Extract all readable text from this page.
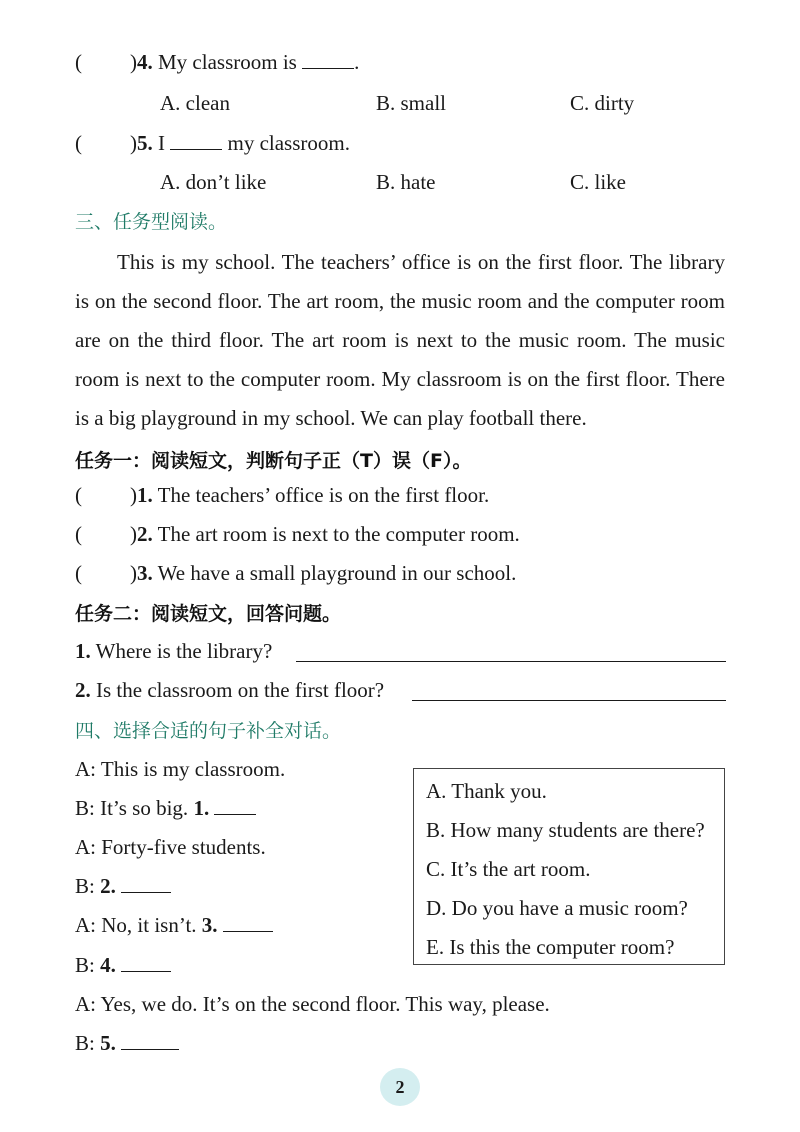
( )4. My classroom is	.
A. clean	B. small	C. dirty
( )5. I	my classroom.
A. don’t like	B. hate	C. like
三、任务型阅读。
This is my school. The teachers’ office is on the first floor. The library is on the second floor. The art room, the music room and the computer room are on the third floor. The art room is next to the music room. The music room is next to the computer room. My classroom is on the first floor. There is a big playground in my school. We can play football there.
任务一：阅读短文，判断句子正（T）误（F）。
( )1. The teachers’ office is on the first floor.
( )2. The art room is next to the computer room.
( )3. We have a small playground in our school.
任务二：阅读短文，回答问题。
1. Where is the library?
2. Is the classroom on the first floor?
四、选择合适的句子补全对话。
A: This is my classroom.
B: It’s so big. 1.
A: Forty-five students.
B: 2.
A: No, it isn’t. 3.
B: 4.
A: Yes, we do. It’s on the second floor. This way, please.
B: 5.
A. Thank you.
B. How many students are there?
C. It’s the art room.
D. Do you have a music room?
E. Is this the computer room?
2
